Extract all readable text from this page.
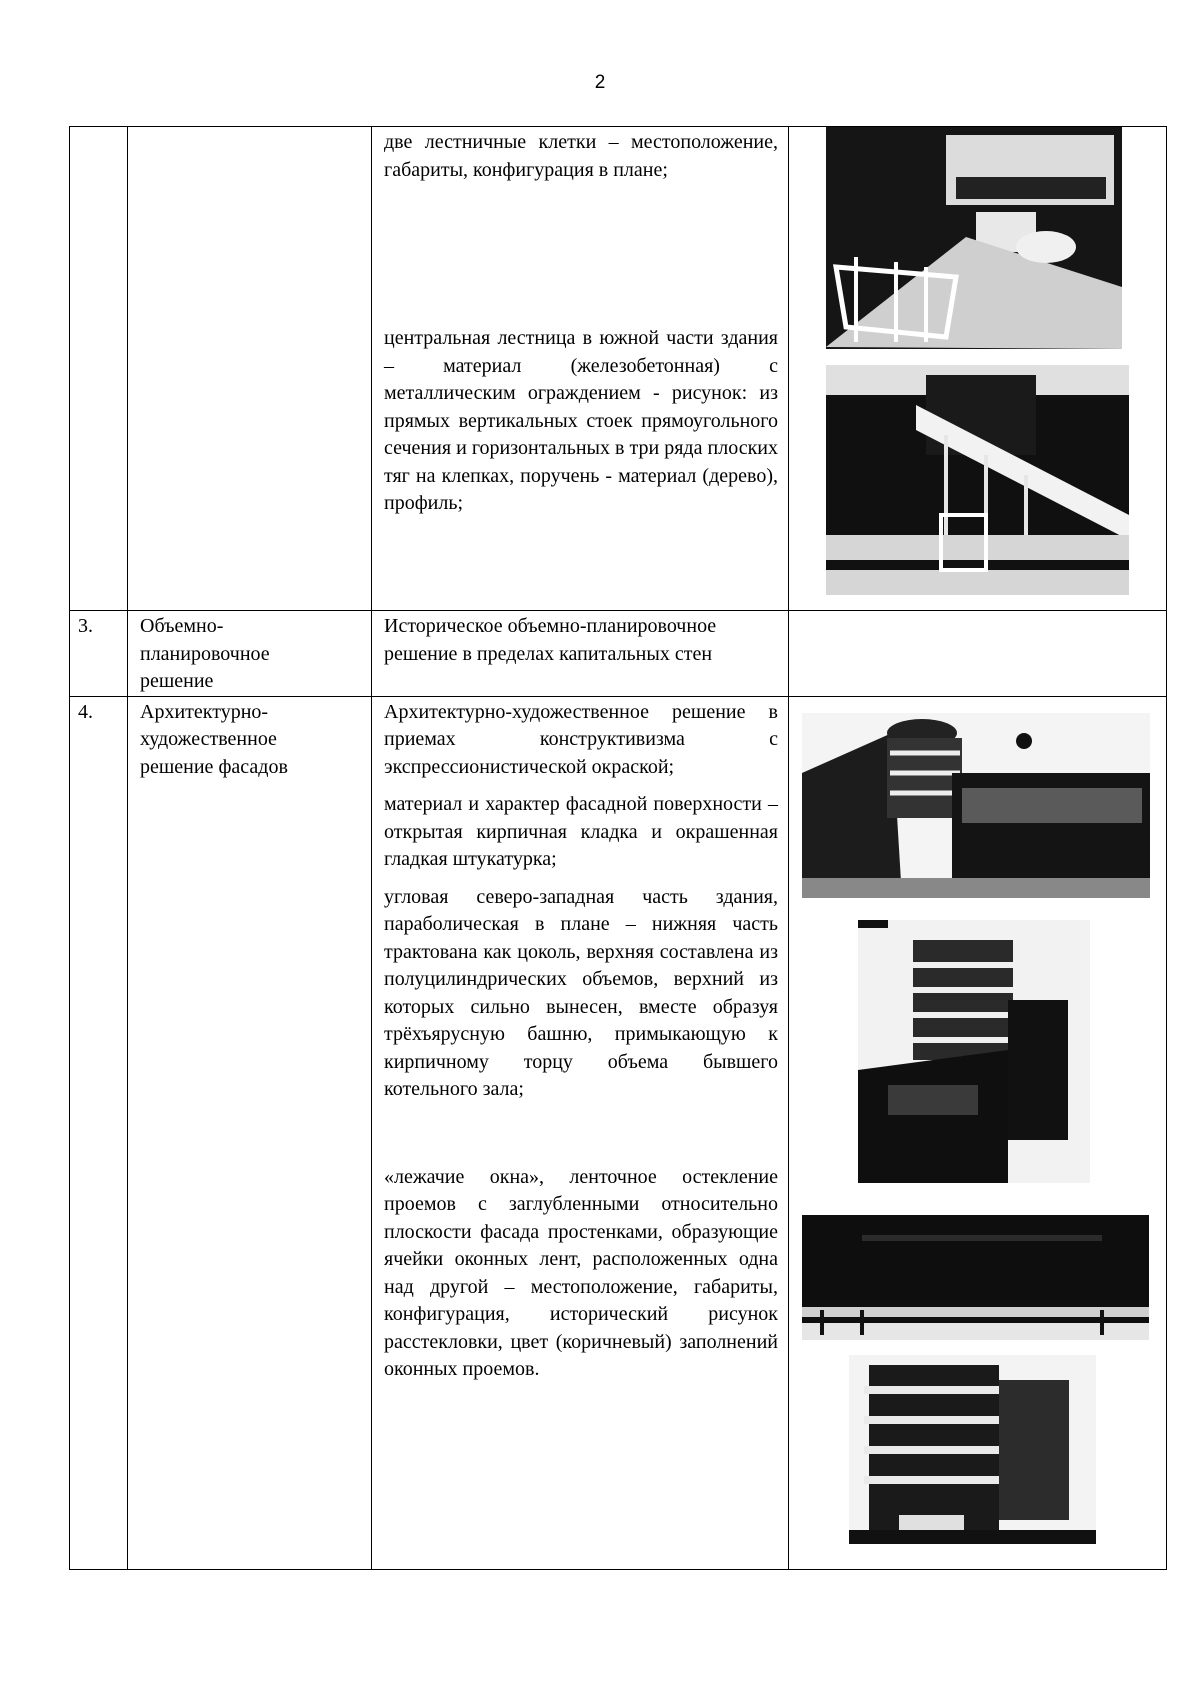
2

		две лестничные клетки – местоположение, габариты, конфигурация в плане;

центральная лестница в южной части здания – материал (железобетонная) с металлическим ограждением - рисунок: из прямых вертикальных стоек прямоугольного сечения и горизонтальных в три ряда плоских тяг на клепках, поручень - материал (дерево), профиль;

3.	Объемно-планировочное решение	Историческое объемно-планировочное решение в пределах капитальных стен	

4.	Архитектурно-художественное решение фасадов	Архитектурно-художественное решение в приемах конструктивизма с экспрессионистической окраской;

материал и характер фасадной поверхности – открытая кирпичная кладка и окрашенная гладкая штукатурка;

угловая северо-западная часть здания, параболическая в плане – нижняя часть трактована как цоколь, верхняя составлена из полуцилиндрических объемов, верхний из которых сильно вынесен, вместе образуя трёхъярусную башню, примыкающую к кирпичному торцу объема бывшего котельного зала;

«лежачие окна», ленточное остекление проемов с заглубленными относительно плоскости фасада простенками, образующие ячейки оконных лент, расположенных одна над другой – местоположение, габариты, конфигурация, исторический рисунок расстекловки, цвет (коричневый) заполнений оконных проемов.
